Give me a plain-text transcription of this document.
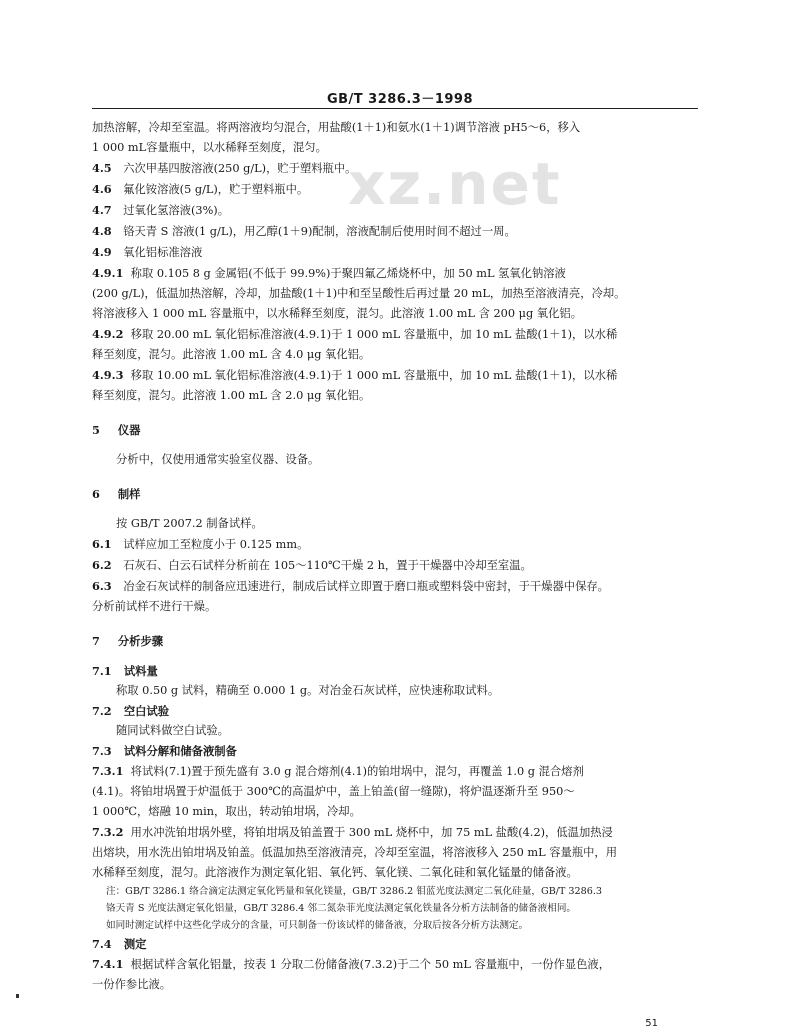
GB/T 3286.3－1998
xz.net
加热溶解，冷却至室温。将两溶液均匀混合，用盐酸(1＋1)和氨水(1＋1)调节溶液 pH5～6，移入
1 000 mL容量瓶中，以水稀释至刻度，混匀。
4.5 六次甲基四胺溶液(250 g/L)，贮于塑料瓶中。
4.6 氟化铵溶液(5 g/L)，贮于塑料瓶中。
4.7 过氧化氢溶液(3%)。
4.8 铬天青 S 溶液(1 g/L)，用乙醇(1＋9)配制，溶液配制后使用时间不超过一周。
4.9 氧化铝标准溶液
4.9.1 称取 0.105 8 g 金属铝(不低于 99.9%)于聚四氟乙烯烧杯中，加 50 mL 氢氧化钠溶液
(200 g/L)，低温加热溶解，冷却，加盐酸(1＋1)中和至呈酸性后再过量 20 mL，加热至溶液清亮，冷却。
将溶液移入 1 000 mL 容量瓶中，以水稀释至刻度，混匀。此溶液 1.00 mL 含 200 μg 氧化铝。
4.9.2 移取 20.00 mL 氧化铝标准溶液(4.9.1)于 1 000 mL 容量瓶中，加 10 mL 盐酸(1＋1)，以水稀
释至刻度，混匀。此溶液 1.00 mL 含 4.0 μg 氧化铝。
4.9.3 移取 10.00 mL 氧化铝标准溶液(4.9.1)于 1 000 mL 容量瓶中，加 10 mL 盐酸(1＋1)，以水稀
释至刻度，混匀。此溶液 1.00 mL 含 2.0 μg 氧化铝。
5 仪器
分析中，仅使用通常实验室仪器、设备。
6 制样
按 GB/T 2007.2 制备试样。
6.1 试样应加工至粒度小于 0.125 mm。
6.2 石灰石、白云石试样分析前在 105～110℃干燥 2 h，置于干燥器中冷却至室温。
6.3 冶金石灰试样的制备应迅速进行，制成后试样立即置于磨口瓶或塑料袋中密封，于干燥器中保存。
分析前试样不进行干燥。
7 分析步骤
7.1 试料量
称取 0.50 g 试料，精确至 0.000 1 g。对冶金石灰试样，应快速称取试料。
7.2 空白试验
随同试料做空白试验。
7.3 试料分解和储备液制备
7.3.1 将试料(7.1)置于预先盛有 3.0 g 混合熔剂(4.1)的铂坩埚中，混匀，再覆盖 1.0 g 混合熔剂
(4.1)。将铂坩埚置于炉温低于 300℃的高温炉中，盖上铂盖(留一缝隙)，将炉温逐渐升至 950～
1 000℃，熔融 10 min，取出，转动铂坩埚，冷却。
7.3.2 用水冲洗铂坩埚外壁，将铂坩埚及铂盖置于 300 mL 烧杯中，加 75 mL 盐酸(4.2)，低温加热浸
出熔块，用水洗出铂坩埚及铂盖。低温加热至溶液清亮，冷却至室温，将溶液移入 250 mL 容量瓶中，用
水稀释至刻度，混匀。此溶液作为测定氧化铝、氧化钙、氧化镁、二氧化硅和氧化锰量的储备液。
注：GB/T 3286.1 络合滴定法测定氧化钙量和氧化镁量，GB/T 3286.2 钼蓝光度法测定二氧化硅量，GB/T 3286.3
铬天青 S 光度法测定氧化铝量，GB/T 3286.4 邻二氮杂菲光度法测定氧化铁量各分析方法制备的储备液相同。
如同时测定试样中这些化学成分的含量，可只制备一份该试样的储备液，分取后按各分析方法测定。
7.4 测定
7.4.1 根据试样含氧化铝量，按表 1 分取二份储备液(7.3.2)于二个 50 mL 容量瓶中，一份作显色液，
一份作参比液。
51
